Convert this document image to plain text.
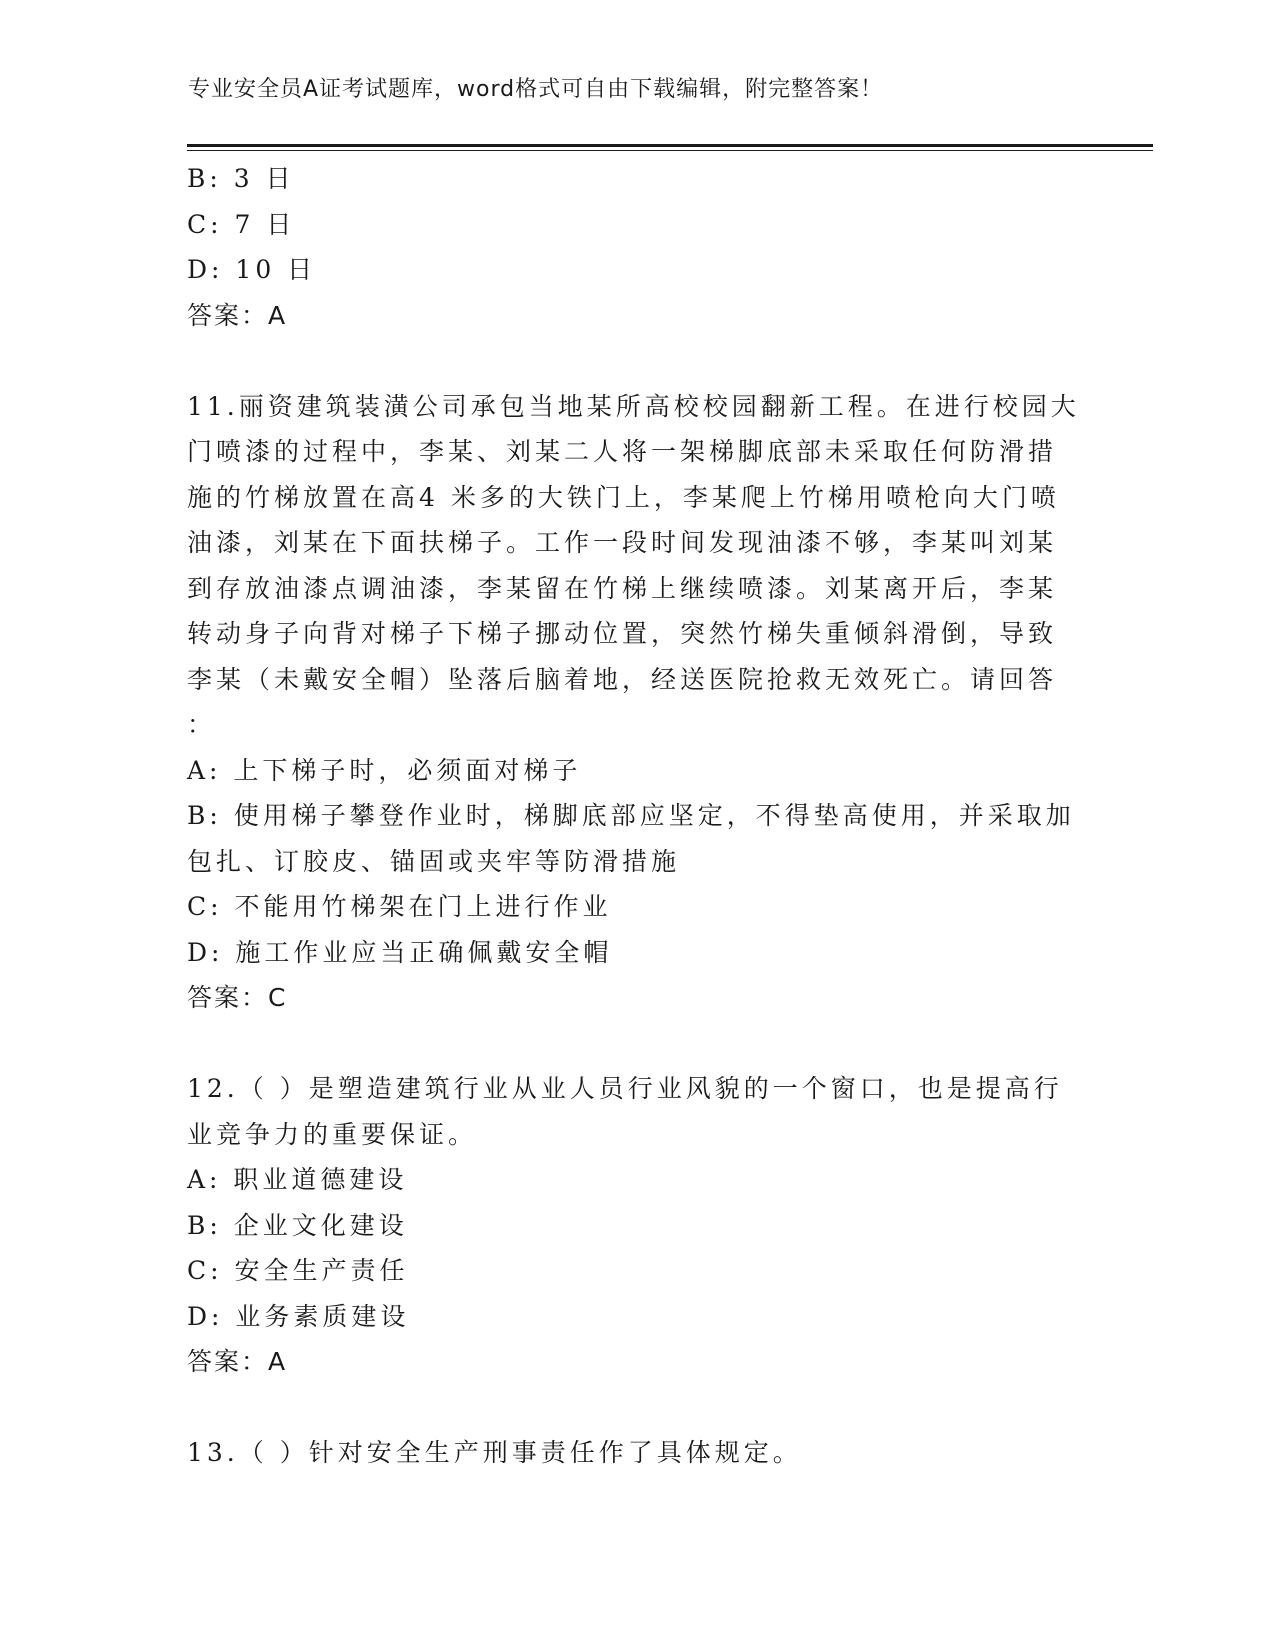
专业安全员A证考试题库，word格式可自由下载编辑，附完整答案！
B: 3 日
C: 7 日
D: 10 日
答案：A
11.丽资建筑装潢公司承包当地某所高校校园翻新工程。在进行校园大
门喷漆的过程中，李某、刘某二人将一架梯脚底部未采取任何防滑措
施的竹梯放置在高4 米多的大铁门上，李某爬上竹梯用喷枪向大门喷
油漆，刘某在下面扶梯子。工作一段时间发现油漆不够，李某叫刘某
到存放油漆点调油漆，李某留在竹梯上继续喷漆。刘某离开后，李某
转动身子向背对梯子下梯子挪动位置，突然竹梯失重倾斜滑倒，导致
李某（未戴安全帽）坠落后脑着地，经送医院抢救无效死亡。请回答
：
A: 上下梯子时，必须面对梯子
B: 使用梯子攀登作业时，梯脚底部应坚定，不得垫高使用，并采取加
包扎、订胶皮、锚固或夹牢等防滑措施
C: 不能用竹梯架在门上进行作业
D: 施工作业应当正确佩戴安全帽
答案：C
12.（ ）是塑造建筑行业从业人员行业风貌的一个窗口，也是提高行
业竞争力的重要保证。
A: 职业道德建设
B: 企业文化建设
C: 安全生产责任
D: 业务素质建设
答案：A
13.（ ）针对安全生产刑事责任作了具体规定。
